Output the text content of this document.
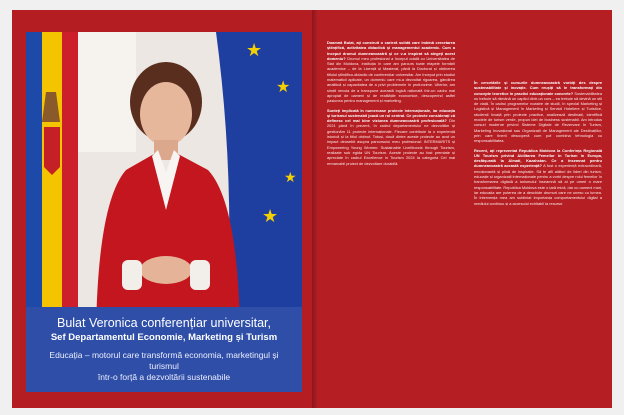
★
★
★
★
Bulat Veronica conferențiar universitar,
Sef Departamentul Economie, Marketing și Turism
Educația – motorul care transformă economia, marketingul și turismul
într-o forță a dezvoltării sustenabile

Doamnă Bulat, ați construit o carieră solidă care îmbină cercetarea științifică, activitatea didactică și managementul academic. Cum a început drumul dumneavoastră și ce v-a inspirat să alegeți acest domeniu? Drumul meu profesional a început odată cu Universitatea de Stat din Moldova, instituția în care am parcurs toate etapele formării academice – de la Licență și Masterat, până la Doctorat și obținerea titlului științifico-didactic de conferențiar universitar. Am început prin studiul matematicii aplicate, un domeniu care mi-a dezvoltat rigoarea, gândirea analitică și capacitatea de a privi problemele în profunzime. Ulterior, am simțit nevoia de a transpune această logică rațională într-un cadru mai apropiat de oameni și de realitățile economice, descoperind astfel pasiunea pentru management și marketing.

Sunteți implicată în numeroase proiecte internaționale, iar educația și turismul sustenabil joacă un rol central. Ce proiecte considerați că definesc cel mai bine viziunea dumneavoastră profesională? Din 2021 până în prezent, în cadrul departamentului ne dezvoltăm și gestionăm 11 proiecte internaționale. Fiecare contribuie la o experiență istorică și la titlul obținut. Totuși, două dintre aceste proiecte au avut un impact deosebit asupra parcursului meu profesional: INTERMARITS și Empowering Young Women: Sustainable Livelihoods through Tourism, realizate sub egida UN Tourism. Aceste proiecte au fost premiate și apreciate în cadrul Excellence in Tourism 2024 la categoria Cel mai remarcabil proiect de dezvoltare durabilă.

În cercetările și cursurile dumneavoastră vorbiți des despre sustenabilitate și inovație. Cum reușiți să le transformați din concepte teoretice în practici educaționale concrete? Sustenabilitatea nu trebuie să rămână un capitol dintr-un curs – ea trebuie să devină un stil de viață. În cadrul programelor noastre de studii, în special Marketing și Logistică și Management în Marketing și Servicii Hoteliere și Turistice, studenții învață prin proiecte practice, analizează destinații, identifică modele de turism verde, propun idei de business sustenabil. Am introdus cursuri moderne privind Sisteme Digitale de Rezervare în Turism, Marketing Inovațional sau Organizații de Management ale Destinațiilor, prin care tinerii descoperă cum pot combina tehnologia cu responsabilitatea.

Recent, ați reprezentat Republica Moldova la Conferința Regională UN Tourism privind Abilitarea Femeilor în Turism în Europa, desfășurată la Almati, Kazahstan. Ce a însemnat pentru dumneavoastră această experiență? A fost o experiență extraordinară, emoționantă și plină de inspirație. Să te afli alături de lideri din turism, educație și organizații internaționale pentru a vorbi despre rolul femeilor în transformarea digitală a turismului înseamnă să ai pe umeri o mare responsabilitate. Republica Moldova este o țară mică, dar cu oameni mari, iar educația are puterea de a deschide drumuri care ne unesc cu lumea. În intervenția mea am subliniat importanța comportamentului digital a mediului continuu și a accesului echitabil la resurse.
